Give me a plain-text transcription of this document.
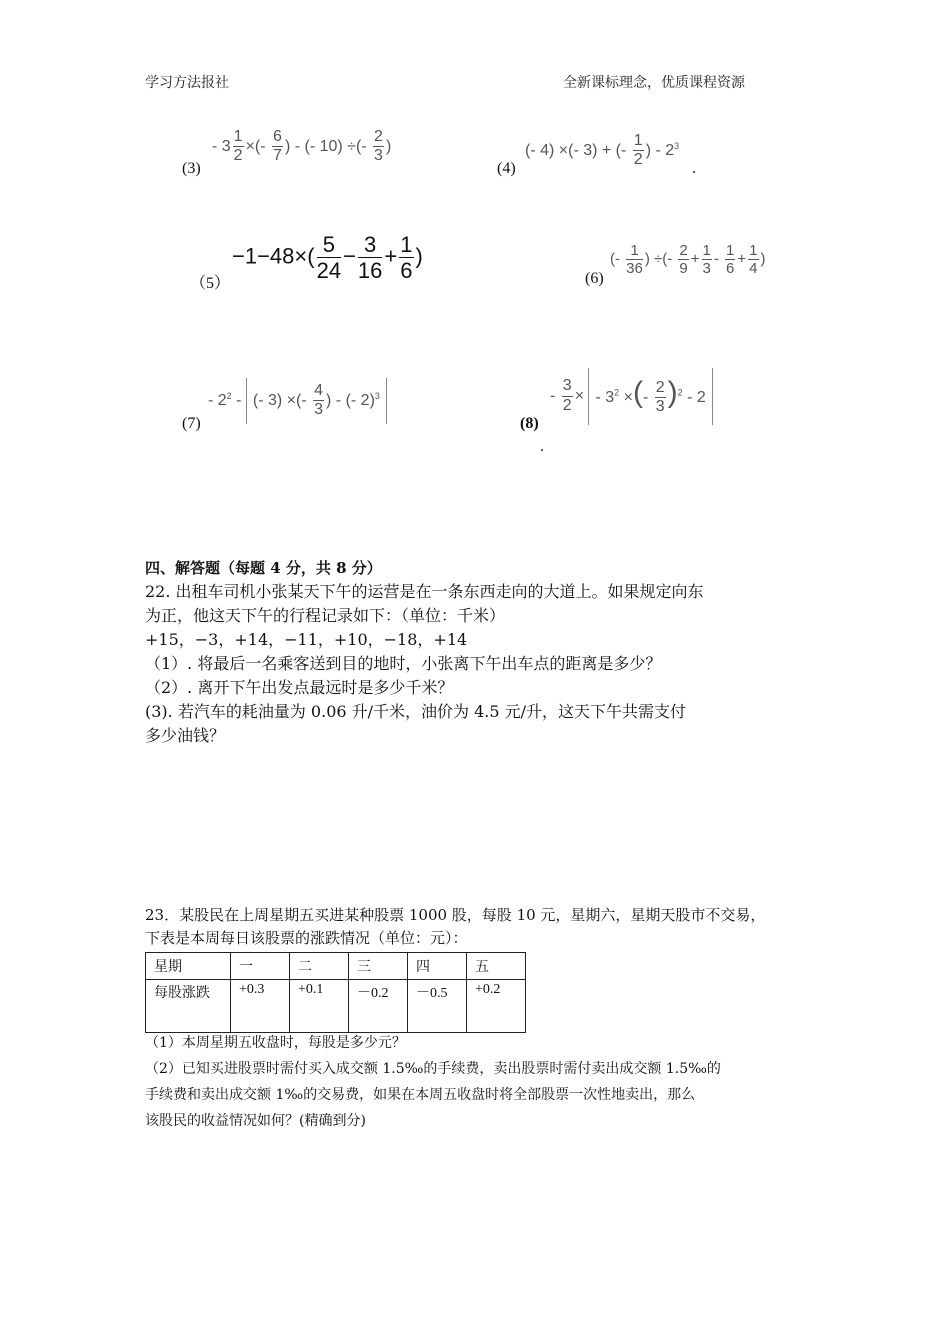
学习方法报社	全新课标理念，优质课程资源
(3)
- $3 \frac{1}{2}$ ×(- $\frac{6}{7}$ ) - (- 10) ÷(- $\frac{2}{3}$ )
(4)
(- 4) ×(- 3) + (- $\frac{1}{2}$ ) - $2^3$
.
（5）
$-1-48\times( \frac{5}{24} - \frac{3}{16} + \frac{1}{6}$ )
(6)
(- $\frac{1}{36}$ ) ÷(- $\frac{2}{9} + \frac{1}{3} - \frac{1}{6} + \frac{1}{4}$ )
(7)
- $2^2$ - (- 3) ×(- $\frac{4}{3}$ ) - (- 2)$^3$
(8)
- $\frac{3}{2}$ × - $3^2$ ×(- $\frac{2}{3} )^2 - 2$
.
四、解答题（每题 4 分，共 8 分）
22. 出租车司机小张某天下午的运营是在一条东西走向的大道上。如果规定向东
为正，他这天下午的行程记录如下：（单位：千米）
+15，−3，+14，−11，+10，−18，+14
（1）. 将最后一名乘客送到目的地时，小张离下午出车点的距离是多少？
（2）. 离开下午出发点最远时是多少千米？
(3). 若汽车的耗油量为 0.06 升/千米，油价为 4.5 元/升，这天下午共需支付
多少油钱？
23．某股民在上周星期五买进某种股票 1000 股，每股 10 元，星期六，星期天股市不交易，
下表是本周每日该股票的涨跌情况（单位：元）：
星期	一	二	三	四	五
每股涨跌	+0.3	+0.1	－0.2	－0.5	+0.2
（1）本周星期五收盘时，每股是多少元？
（2）已知买进股票时需付买入成交额 1.5‰的手续费，卖出股票时需付卖出成交额 1.5‰的
手续费和卖出成交额 1‰的交易费，如果在本周五收盘时将全部股票一次性地卖出，那么
该股民的收益情况如何？(精确到分)
